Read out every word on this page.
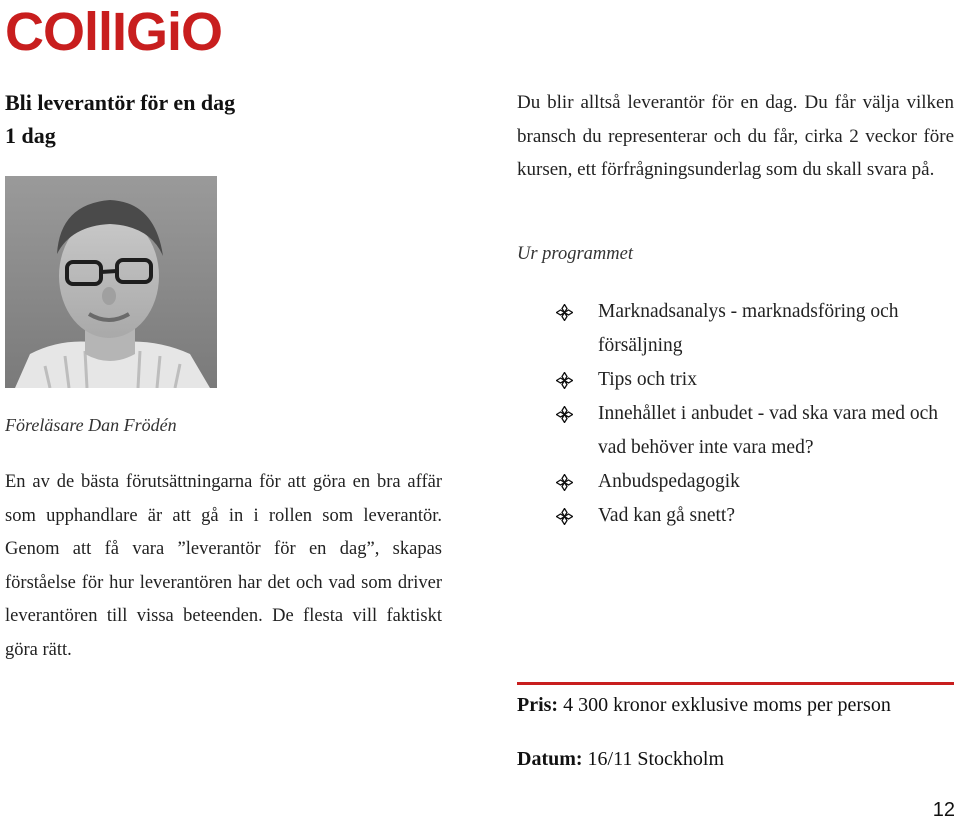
COllIGiO
Bli leverantör för en dag
1 dag
Föreläsare Dan Frödén
En av de bästa förutsättningarna för att göra en bra affär som upphandlare är att gå in i rollen som leverantör. Genom att få vara ”leverantör för en dag”, skapas förståelse för hur leverantören har det och vad som driver leverantören till vissa beteenden. De flesta vill faktiskt göra rätt.
Du blir alltså leverantör för en dag. Du får välja vilken bransch du representerar och du får, cirka 2 veckor före kursen, ett förfrågningsunderlag som du skall svara på.
Ur programmet
Marknadsanalys - marknadsföring och försäljning
Tips och trix
Innehållet i anbudet - vad ska vara med och vad behöver inte vara med?
Anbudspedagogik
Vad kan gå snett?
Pris: 4 300 kronor exklusive moms per person
Datum: 16/11 Stockholm
12
